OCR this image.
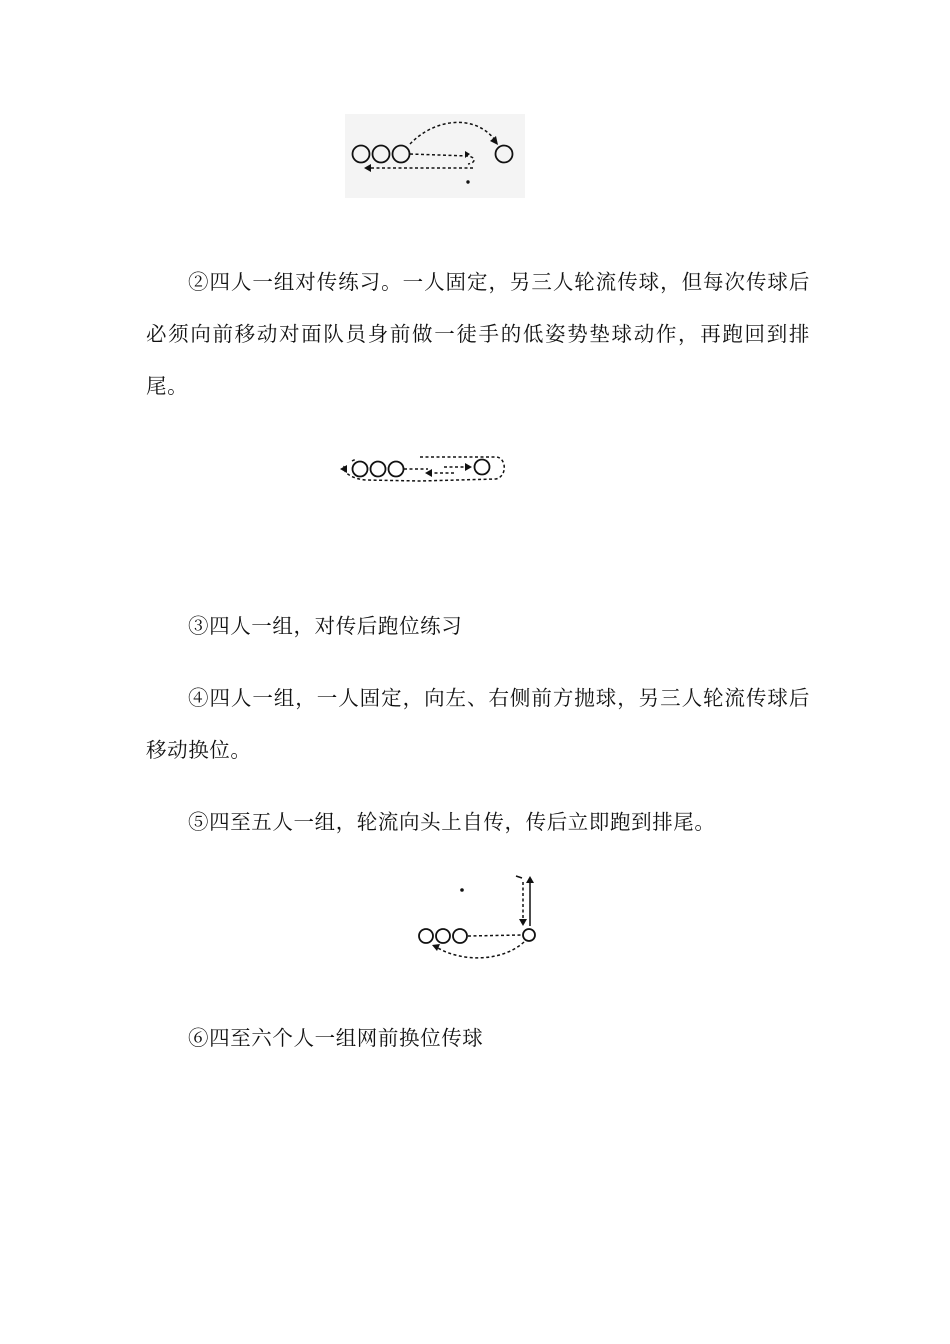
②四人一组对传练习。一人固定，另三人轮流传球，但每次传球后必须向前移动对面队员身前做一徒手的低姿势垫球动作，再跑回到排尾。

③四人一组，对传后跑位练习

④四人一组，一人固定，向左、右侧前方抛球，另三人轮流传球后移动换位。

⑤四至五人一组，轮流向头上自传，传后立即跑到排尾。

⑥四至六个人一组网前换位传球
